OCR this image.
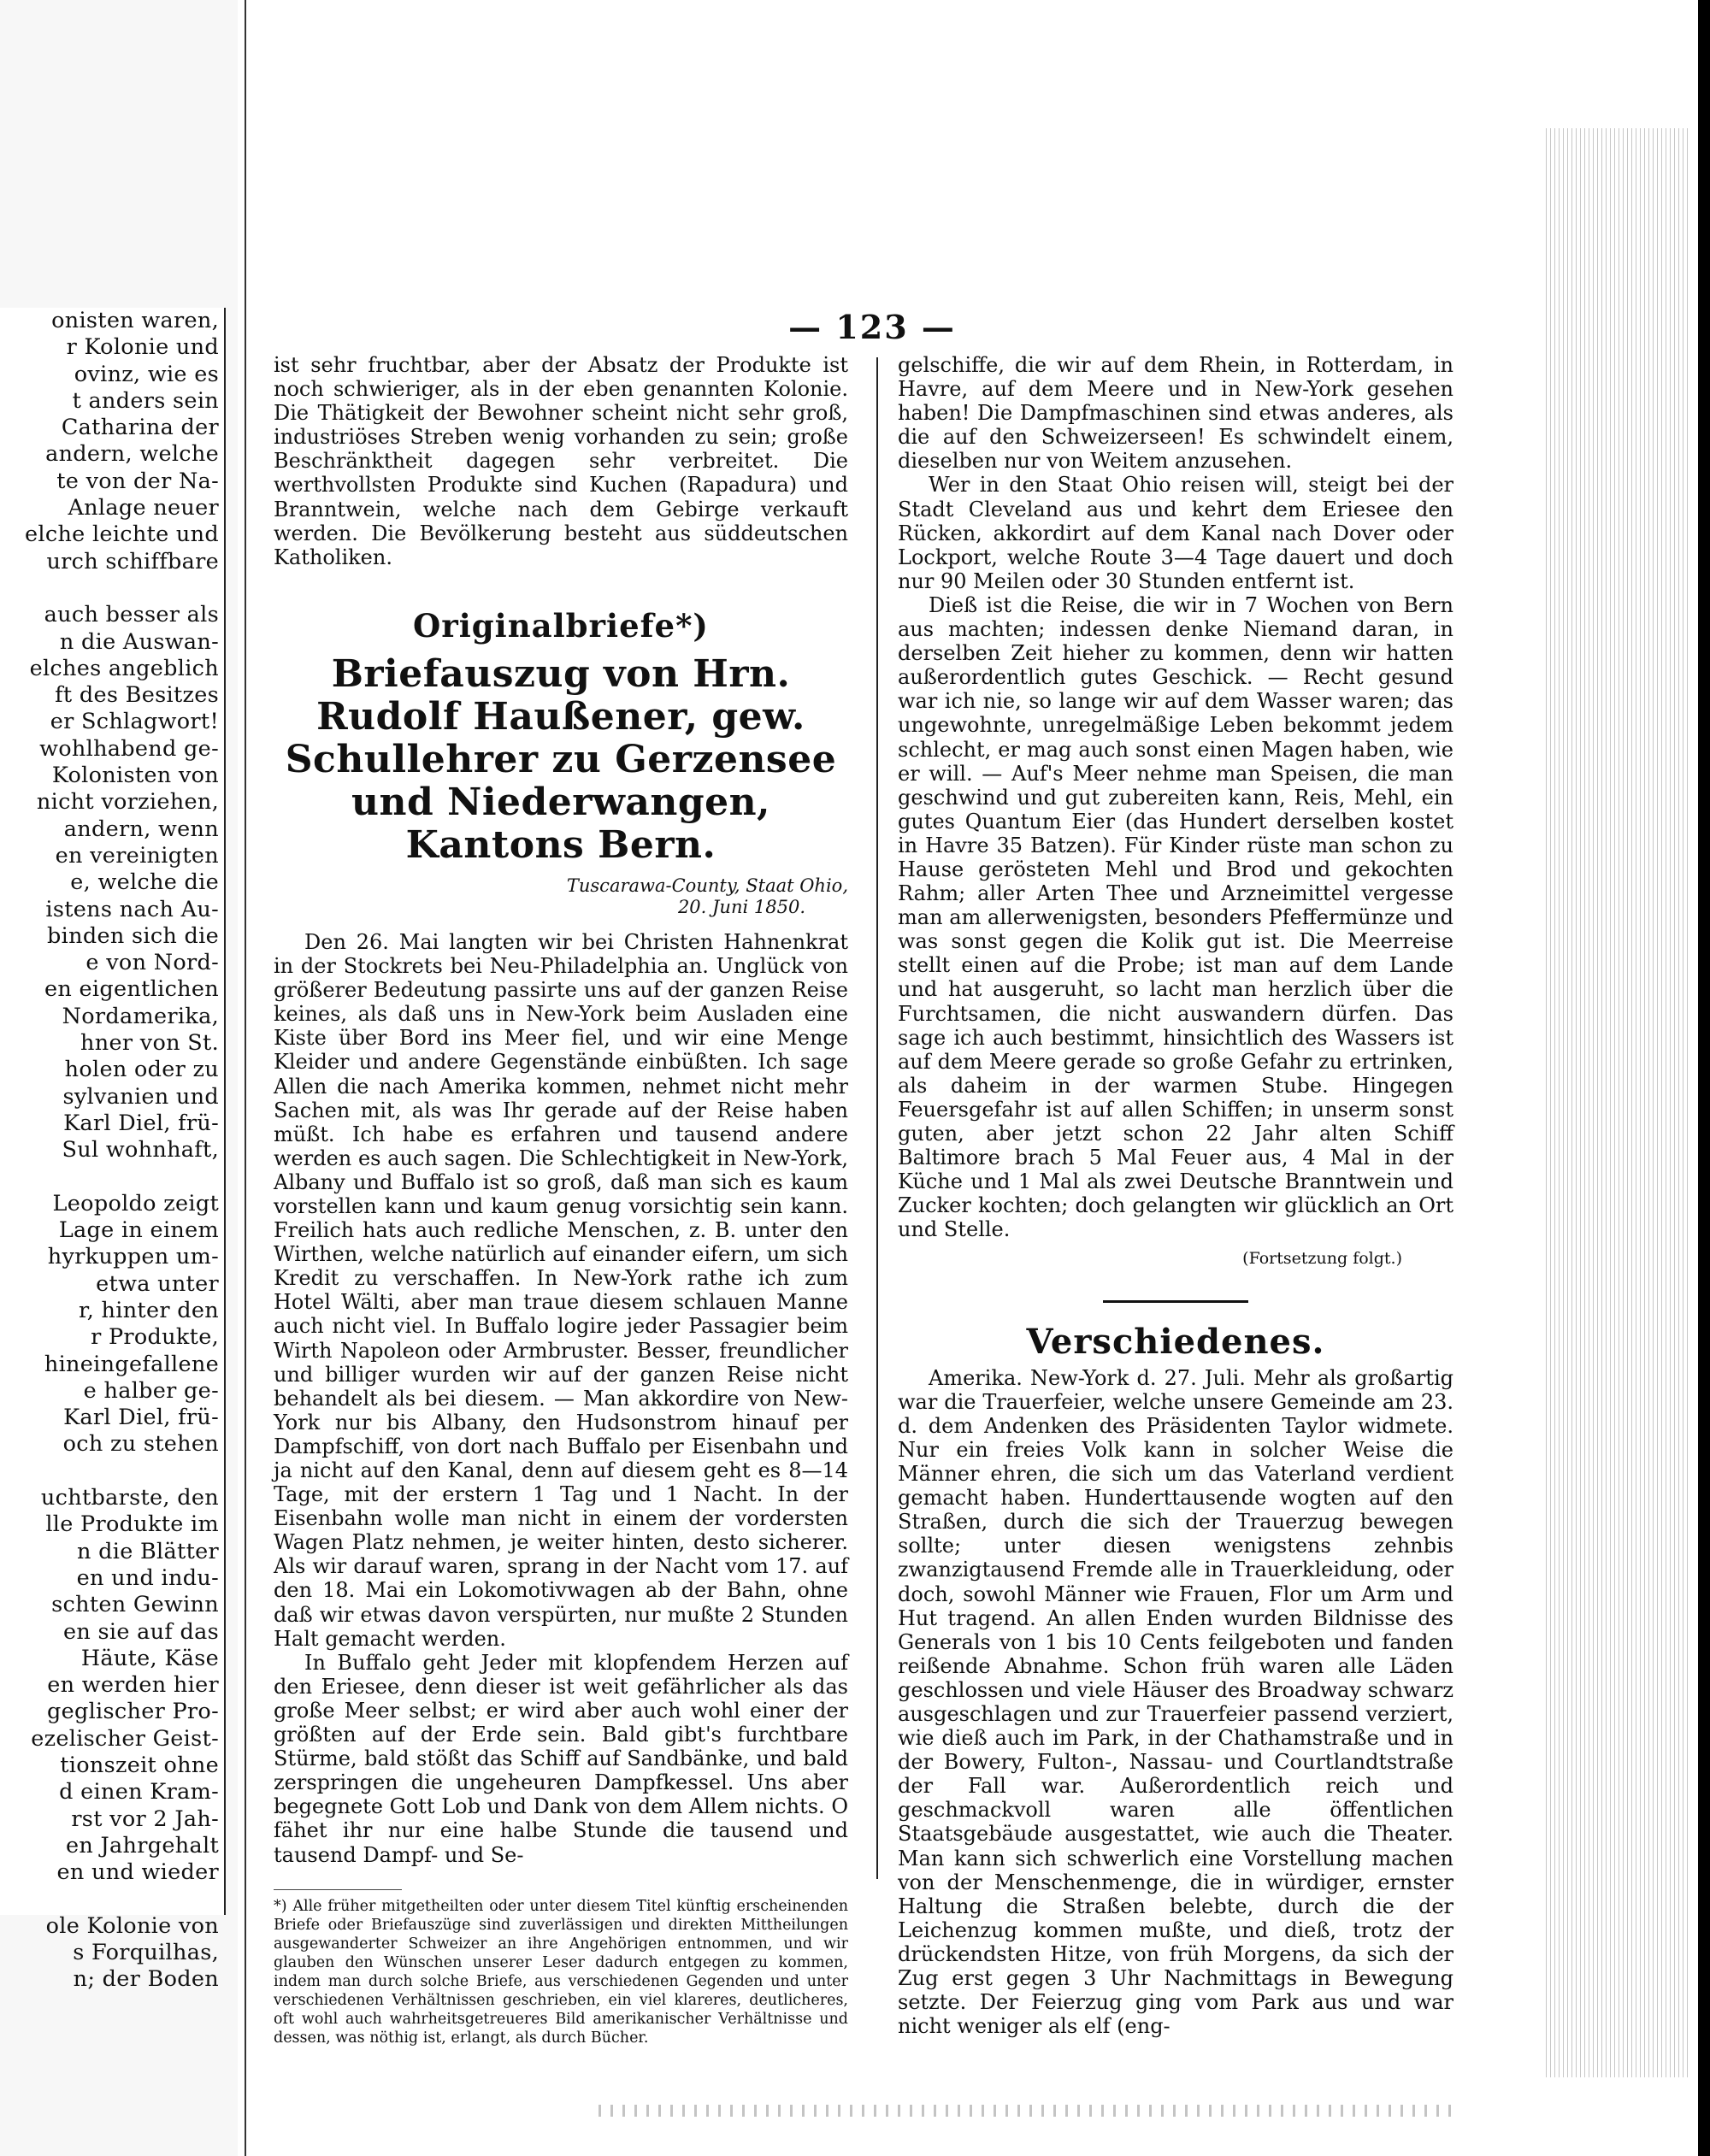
onisten waren,

r Kolonie und

ovinz, wie es

t anders sein

Catharina der

andern, welche

te von der Na-

Anlage neuer

elche leichte und

urch schiffbare

auch besser als

n die Auswan-

elches angeblich

ft des Besitzes

er Schlagwort!

wohlhabend ge-

Kolonisten von

nicht vorziehen,

andern, wenn

en vereinigten

e, welche die

istens nach Au-

binden sich die

e von Nord-

en eigentlichen

Nordamerika,

hner von St.

holen oder zu

sylvanien und

Karl Diel, frü-

Sul wohnhaft,

Leopoldo zeigt

Lage in einem

hyrkuppen um-

etwa unter

r, hinter den

r Produkte,

hineingefallene

e halber ge-

Karl Diel, frü-

och zu stehen

uchtbarste, den

lle Produkte im

n die Blätter

en und indu-

schten Gewinn

en sie auf das

Häute, Käse

en werden hier

geglischer Pro-

ezelischer Geist-

tionszeit ohne

d einen Kram-

rst vor 2 Jah-

en Jahrgehalt

en und wieder

ole Kolonie von

s Forquilhas,

n; der Boden

— 123 —

ist sehr fruchtbar, aber der Absatz der Produkte ist noch schwieriger, als in der eben genannten Kolonie. Die Thätigkeit der Bewohner scheint nicht sehr groß, industriöses Streben wenig vorhanden zu sein; große Beschränktheit dagegen sehr verbreitet. Die werthvollsten Produkte sind Kuchen (Rapadura) und Branntwein, welche nach dem Gebirge verkauft werden. Die Bevölkerung besteht aus süddeutschen Katholiken.

Originalbriefe*)

Briefauszug von Hrn. Rudolf Haußener, gew. Schullehrer zu Gerzensee und Niederwangen, Kantons Bern.

Tuscarawa-County, Staat Ohio,

20. Juni 1850.

Den 26. Mai langten wir bei Christen Hahnenkrat in der Stockrets bei Neu-Philadelphia an. Unglück von größerer Bedeutung passirte uns auf der ganzen Reise keines, als daß uns in New-York beim Ausladen eine Kiste über Bord ins Meer fiel, und wir eine Menge Kleider und andere Gegenstände einbüßten. Ich sage Allen die nach Amerika kommen, nehmet nicht mehr Sachen mit, als was Ihr gerade auf der Reise haben müßt. Ich habe es erfahren und tausend andere werden es auch sagen. Die Schlechtigkeit in New-York, Albany und Buffalo ist so groß, daß man sich es kaum vorstellen kann und kaum genug vorsichtig sein kann. Freilich hats auch redliche Menschen, z. B. unter den Wirthen, welche natürlich auf einander eifern, um sich Kredit zu verschaffen. In New-York rathe ich zum Hotel Wälti, aber man traue diesem schlauen Manne auch nicht viel. In Buffalo logire jeder Passagier beim Wirth Napoleon oder Armbruster. Besser, freundlicher und billiger wurden wir auf der ganzen Reise nicht behandelt als bei diesem. — Man akkordire von New-York nur bis Albany, den Hudsonstrom hinauf per Dampfschiff, von dort nach Buffalo per Eisenbahn und ja nicht auf den Kanal, denn auf diesem geht es 8—14 Tage, mit der erstern 1 Tag und 1 Nacht. In der Eisenbahn wolle man nicht in einem der vordersten Wagen Platz nehmen, je weiter hinten, desto sicherer. Als wir darauf waren, sprang in der Nacht vom 17. auf den 18. Mai ein Lokomotivwagen ab der Bahn, ohne daß wir etwas davon verspürten, nur mußte 2 Stunden Halt gemacht werden.

In Buffalo geht Jeder mit klopfendem Herzen auf den Eriesee, denn dieser ist weit gefährlicher als das große Meer selbst; er wird aber auch wohl einer der größten auf der Erde sein. Bald gibt's furchtbare Stürme, bald stößt das Schiff auf Sandbänke, und bald zerspringen die ungeheuren Dampfkessel. Uns aber begegnete Gott Lob und Dank von dem Allem nichts. O fähet ihr nur eine halbe Stunde die tausend und tausend Dampf- und Se-

*) Alle früher mitgetheilten oder unter diesem Titel künftig erscheinenden Briefe oder Briefauszüge sind zuverlässigen und direkten Mittheilungen ausgewanderter Schweizer an ihre Angehörigen entnommen, und wir glauben den Wünschen unserer Leser dadurch entgegen zu kommen, indem man durch solche Briefe, aus verschiedenen Gegenden und unter verschiedenen Verhältnissen geschrieben, ein viel klareres, deutlicheres, oft wohl auch wahrheitsgetreueres Bild amerikanischer Verhältnisse und dessen, was nöthig ist, erlangt, als durch Bücher.

gelschiffe, die wir auf dem Rhein, in Rotterdam, in Havre, auf dem Meere und in New-York gesehen haben! Die Dampfmaschinen sind etwas anderes, als die auf den Schweizerseen! Es schwindelt einem, dieselben nur von Weitem anzusehen.

Wer in den Staat Ohio reisen will, steigt bei der Stadt Cleveland aus und kehrt dem Eriesee den Rücken, akkordirt auf dem Kanal nach Dover oder Lockport, welche Route 3—4 Tage dauert und doch nur 90 Meilen oder 30 Stunden entfernt ist.

Dieß ist die Reise, die wir in 7 Wochen von Bern aus machten; indessen denke Niemand daran, in derselben Zeit hieher zu kommen, denn wir hatten außerordentlich gutes Geschick. — Recht gesund war ich nie, so lange wir auf dem Wasser waren; das ungewohnte, unregelmäßige Leben bekommt jedem schlecht, er mag auch sonst einen Magen haben, wie er will. — Auf's Meer nehme man Speisen, die man geschwind und gut zubereiten kann, Reis, Mehl, ein gutes Quantum Eier (das Hundert derselben kostet in Havre 35 Batzen). Für Kinder rüste man schon zu Hause gerösteten Mehl und Brod und gekochten Rahm; aller Arten Thee und Arzneimittel vergesse man am allerwenigsten, besonders Pfeffermünze und was sonst gegen die Kolik gut ist. Die Meerreise stellt einen auf die Probe; ist man auf dem Lande und hat ausgeruht, so lacht man herzlich über die Furchtsamen, die nicht auswandern dürfen. Das sage ich auch bestimmt, hinsichtlich des Wassers ist auf dem Meere gerade so große Gefahr zu ertrinken, als daheim in der warmen Stube. Hingegen Feuersgefahr ist auf allen Schiffen; in unserm sonst guten, aber jetzt schon 22 Jahr alten Schiff Baltimore brach 5 Mal Feuer aus, 4 Mal in der Küche und 1 Mal als zwei Deutsche Branntwein und Zucker kochten; doch gelangten wir glücklich an Ort und Stelle.

(Fortsetzung folgt.)

Verschiedenes.

Amerika. New-York d. 27. Juli. Mehr als großartig war die Trauerfeier, welche unsere Gemeinde am 23. d. dem Andenken des Präsidenten Taylor widmete. Nur ein freies Volk kann in solcher Weise die Männer ehren, die sich um das Vaterland verdient gemacht haben. Hunderttausende wogten auf den Straßen, durch die sich der Trauerzug bewegen sollte; unter diesen wenigstens zehnbis zwanzigtausend Fremde alle in Trauerkleidung, oder doch, sowohl Männer wie Frauen, Flor um Arm und Hut tragend. An allen Enden wurden Bildnisse des Generals von 1 bis 10 Cents feilgeboten und fanden reißende Abnahme. Schon früh waren alle Läden geschlossen und viele Häuser des Broadway schwarz ausgeschlagen und zur Trauerfeier passend verziert, wie dieß auch im Park, in der Chathamstraße und in der Bowery, Fulton-, Nassau- und Courtlandtstraße der Fall war. Außerordentlich reich und geschmackvoll waren alle öffentlichen Staatsgebäude ausgestattet, wie auch die Theater. Man kann sich schwerlich eine Vorstellung machen von der Menschenmenge, die in würdiger, ernster Haltung die Straßen belebte, durch die der Leichenzug kommen mußte, und dieß, trotz der drückendsten Hitze, von früh Morgens, da sich der Zug erst gegen 3 Uhr Nachmittags in Bewegung setzte. Der Feierzug ging vom Park aus und war nicht weniger als elf (eng-
